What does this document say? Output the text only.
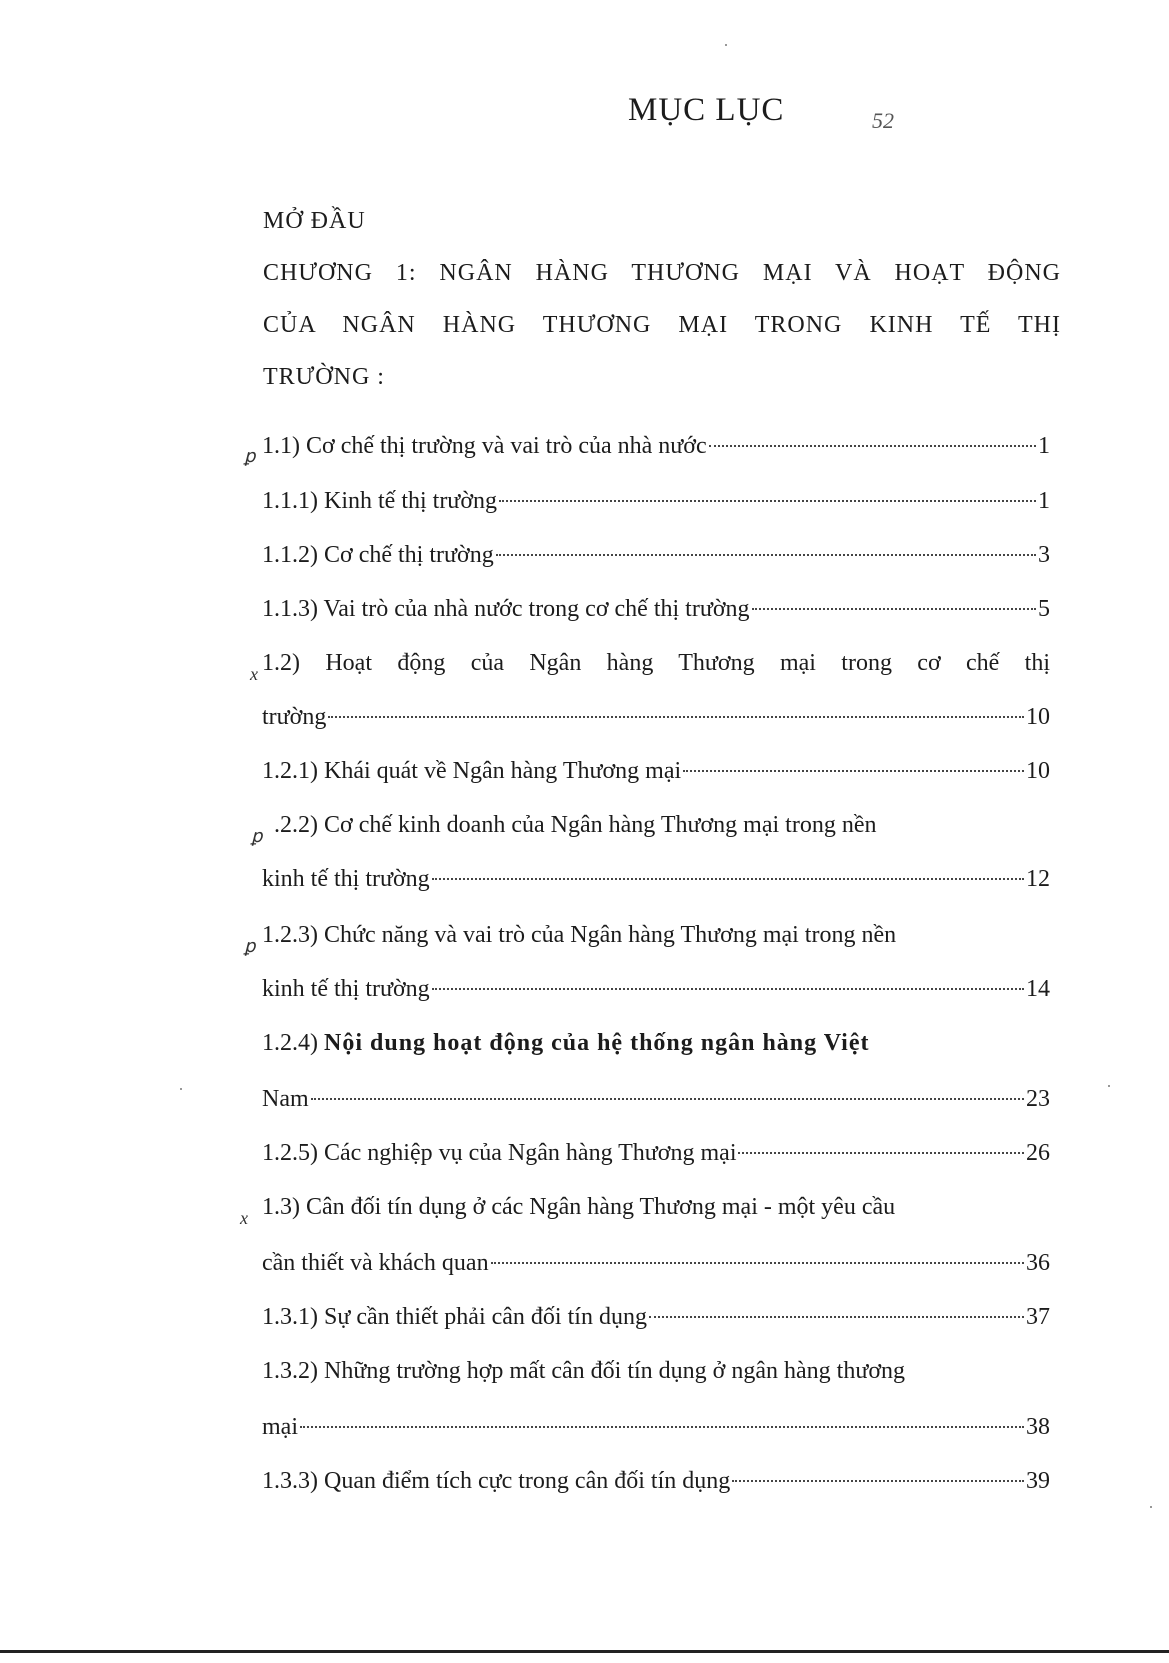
MỤC LỤC	52
MỞ ĐẦU
CHƯƠNG 1: NGÂN HÀNG THƯƠNG MẠI VÀ HOẠT ĐỘNG
CỦA NGÂN HÀNG THƯƠNG MẠI TRONG KINH TẾ THỊ
TRƯỜNG :
ꝑ 1.1) Cơ chế thị trường và vai trò của nhà nước	1
1.1.1) Kinh tế thị trường	1
1.1.2) Cơ chế thị trường	3
1.1.3) Vai trò của nhà nước trong cơ chế thị trường	5
x 1.2) Hoạt động của Ngân hàng Thương mại trong cơ chế thị
trường	10
1.2.1) Khái quát về Ngân hàng Thương mại	10
ꝑ .2.2) Cơ chế kinh doanh của Ngân hàng Thương mại trong nền
kinh tế thị trường	12
ꝑ 1.2.3) Chức năng và vai trò của Ngân hàng Thương mại trong nền
kinh tế thị trường	14
1.2.4) Nội dung hoạt động của hệ thống ngân hàng Việt
Nam	23
1.2.5) Các nghiệp vụ của Ngân hàng Thương mại	26
x 1.3) Cân đối tín dụng ở các Ngân hàng Thương mại - một yêu cầu
cần thiết và khách quan	36
1.3.1) Sự cần thiết phải cân đối tín dụng	37
1.3.2) Những trường hợp mất cân đối tín dụng ở ngân hàng thương
mại	38
1.3.3) Quan điểm tích cực trong cân đối tín dụng	39
